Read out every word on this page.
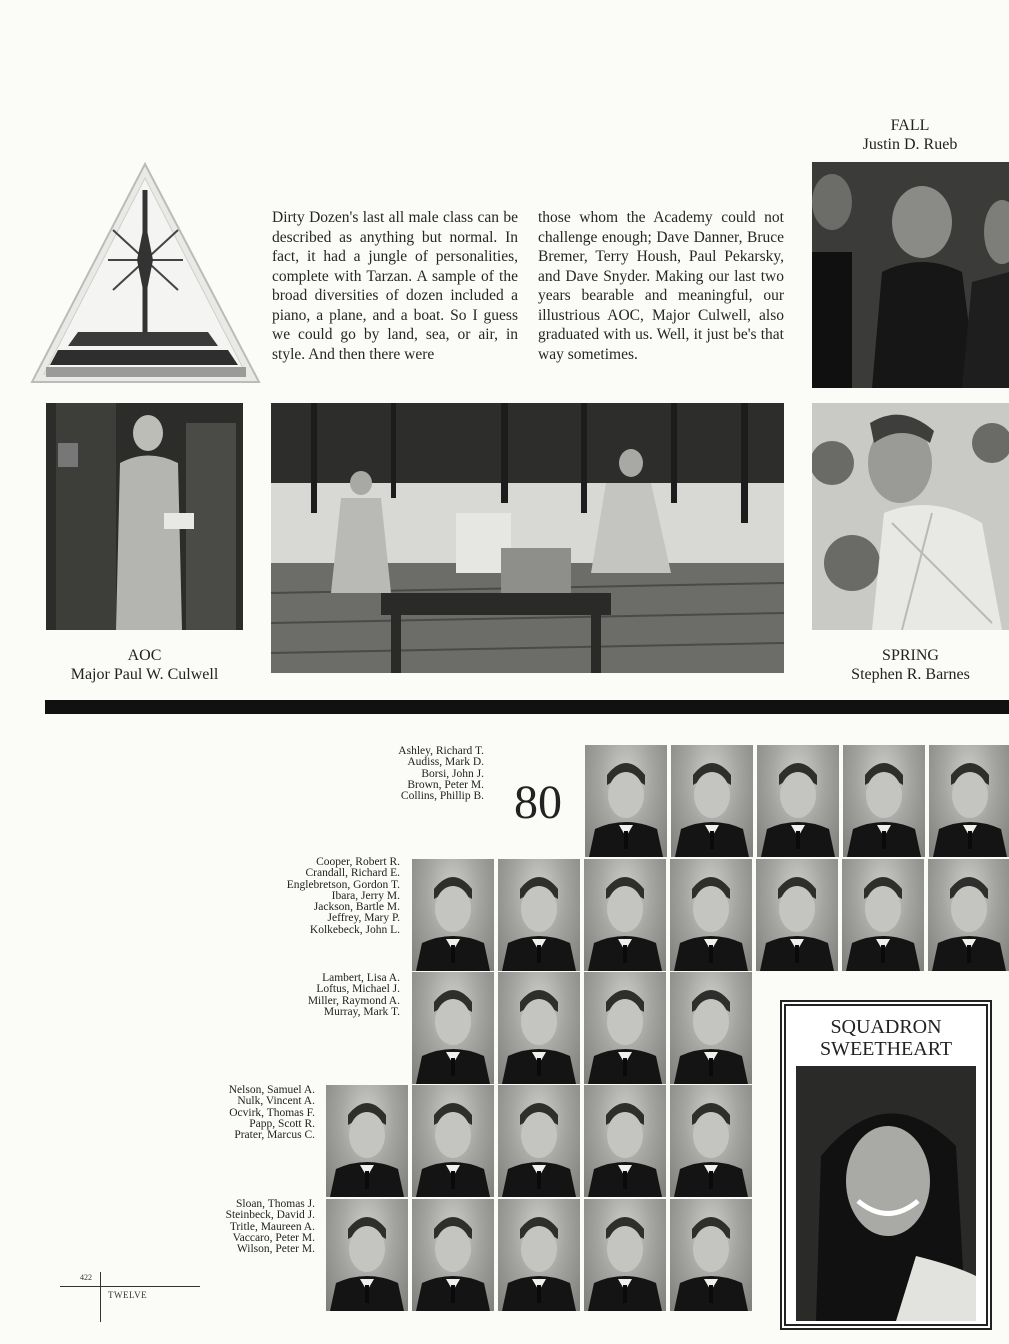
FALL
Justin D. Rueb
Dirty Dozen's last all male class can be described as anything but normal. In fact, it had a jungle of personalities, complete with Tarzan. A sample of the broad diversities of dozen included a piano, a plane, and a boat. So I guess we could go by land, sea, or air, in style. And then there were
those whom the Academy could not challenge enough; Dave Danner, Bruce Bremer, Terry Housh, Paul Pekarsky, and Dave Snyder. Making our last two years bearable and meaningful, our illustrious AOC, Major Culwell, also graduated with us. Well, it just be's that way sometimes.
AOC
Major Paul W. Culwell
SPRING
Stephen R. Barnes
Ashley, Richard T.
Audiss, Mark D.
Borsi, John J.
Brown, Peter M.
Collins, Phillip B. 80
Cooper, Robert R.
Crandall, Richard E.
Englebretson, Gordon T.
Ibara, Jerry M.
Jackson, Bartle M.
Jeffrey, Mary P.
Kolkebeck, John L.
Lambert, Lisa A.
Loftus, Michael J.
Miller, Raymond A.
Murray, Mark T.
Nelson, Samuel A.
Nulk, Vincent A.
Ocvirk, Thomas F.
Papp, Scott R.
Prater, Marcus C.
Sloan, Thomas J.
Steinbeck, David J.
Tritle, Maureen A.
Vaccaro, Peter M.
Wilson, Peter M.
SQUADRON
SWEETHEART
422
TWELVE
